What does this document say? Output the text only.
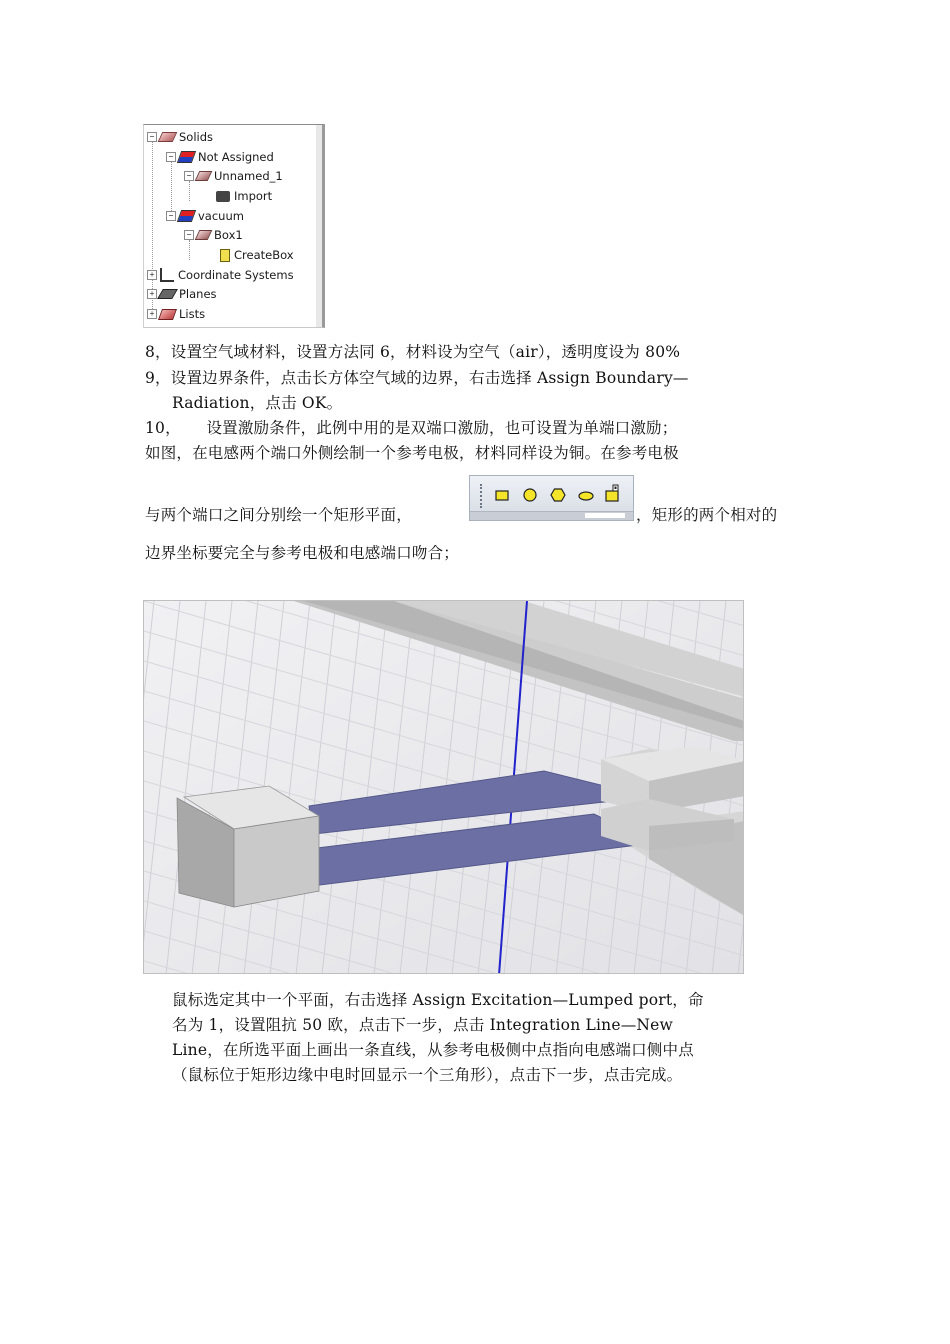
− Solids
− Not Assigned
− Unnamed_1
Import
− vacuum
− Box1
CreateBox
+ Coordinate Systems
+ Planes
+ Lists
8，设置空气域材料，设置方法同 6，材料设为空气（air），透明度设为 80%
9，设置边界条件，点击长方体空气域的边界，右击选择 Assign Boundary—
Radiation，点击 OK。
10，     设置激励条件，此例中用的是双端口激励，也可设置为单端口激励；
如图，在电感两个端口外侧绘制一个参考电极，材料同样设为铜。在参考电极
与两个端口之间分别绘一个矩形平面，	，矩形的两个相对的
边界坐标要完全与参考电极和电感端口吻合；
鼠标选定其中一个平面，右击选择 Assign Excitation—Lumped port，命
名为 1，设置阻抗 50 欧，点击下一步，点击 Integration Line—New
Line，在所选平面上画出一条直线，从参考电极侧中点指向电感端口侧中点
（鼠标位于矩形边缘中电时回显示一个三角形），点击下一步，点击完成。
